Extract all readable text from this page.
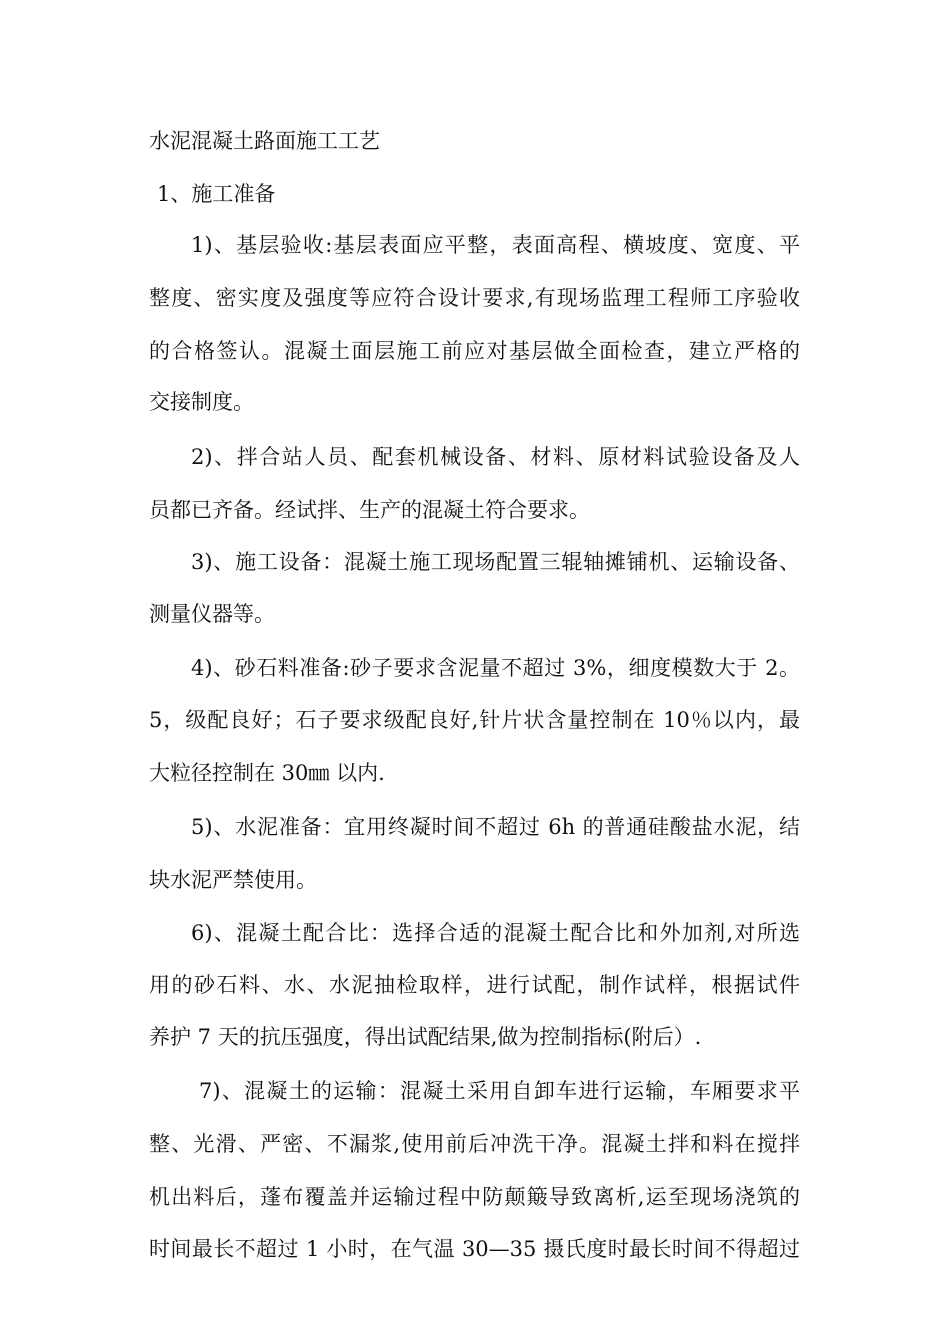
水泥混凝土路面施工工艺
1、施工准备
1)、基层验收:基层表面应平整，表面高程、横坡度、宽度、平
整度、密实度及强度等应符合设计要求,有现场监理工程师工序验收
的合格签认。混凝土面层施工前应对基层做全面检查，建立严格的
交接制度。
2)、拌合站人员、配套机械设备、材料、原材料试验设备及人
员都已齐备。经试拌、生产的混凝土符合要求。
3)、施工设备：混凝土施工现场配置三辊轴摊铺机、运输设备、
测量仪器等。
4)、砂石料准备:砂子要求含泥量不超过 3%，细度模数大于 2。
5，级配良好；石子要求级配良好,针片状含量控制在 10％以内，最
大粒径控制在 30㎜ 以内.
5)、水泥准备：宜用终凝时间不超过 6h 的普通硅酸盐水泥，结
块水泥严禁使用。
6)、混凝土配合比：选择合适的混凝土配合比和外加剂,对所选
用的砂石料、水、水泥抽检取样，进行试配，制作试样，根据试件
养护 7 天的抗压强度，得出试配结果,做为控制指标(附后）.
7)、混凝土的运输：混凝土采用自卸车进行运输，车厢要求平
整、光滑、严密、不漏浆,使用前后冲洗干净。混凝土拌和料在搅拌
机出料后，蓬布覆盖并运输过程中防颠簸导致离析,运至现场浇筑的
时间最长不超过 1 小时，在气温 30—35 摄氏度时最长时间不得超过
